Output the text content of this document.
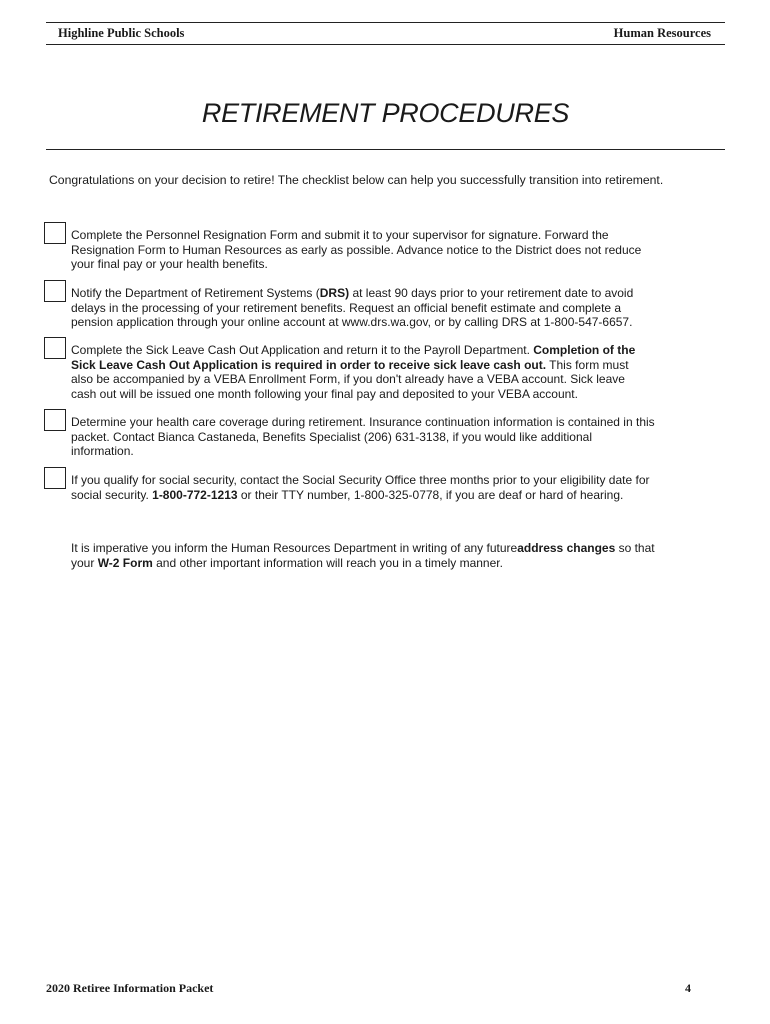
Highline Public Schools	Human Resources
RETIREMENT PROCEDURES
Congratulations on your decision to retire! The checklist below can help you successfully transition into retirement.
Complete the Personnel Resignation Form and submit it to your supervisor for signature. Forward the
Resignation Form to Human Resources as early as possible. Advance notice to the District does not reduce
your final pay or your health benefits.
Notify the Department of Retirement Systems (DRS) at least 90 days prior to your retirement date to avoid
delays in the processing of your retirement benefits. Request an official benefit estimate and complete a
pension application through your online account at www.drs.wa.gov, or by calling DRS at 1-800-547-6657.
Complete the Sick Leave Cash Out Application and return it to the Payroll Department. Completion of the
Sick Leave Cash Out Application is required in order to receive sick leave cash out. This form must
also be accompanied by a VEBA Enrollment Form, if you don't already have a VEBA account. Sick leave
cash out will be issued one month following your final pay and deposited to your VEBA account.
Determine your health care coverage during retirement. Insurance continuation information is contained in this
packet. Contact Bianca Castaneda, Benefits Specialist (206) 631-3138, if you would like additional
information.
If you qualify for social security, contact the Social Security Office three months prior to your eligibility date for
social security. 1-800-772-1213 or their TTY number, 1-800-325-0778, if you are deaf or hard of hearing.
It is imperative you inform the Human Resources Department in writing of any futureaddress changes so that
your W-2 Form and other important information will reach you in a timely manner.
2020 Retiree Information Packet	4
